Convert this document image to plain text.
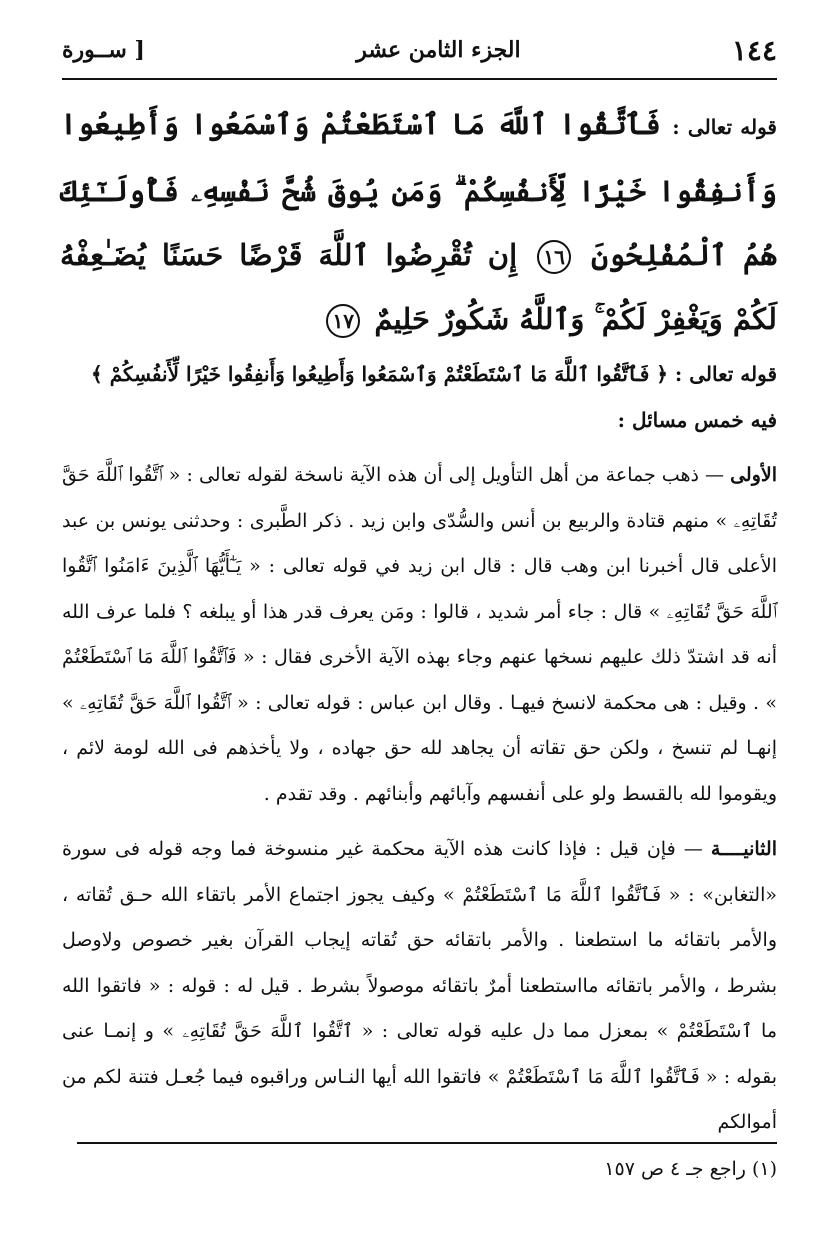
١٤٤
الجزء الثامن عشر
[ ســورة
قوله تعالى : فَٱتَّقُوا ٱللَّهَ مَا ٱسْتَطَعْتُمْ وَٱسْمَعُوا وَأَطِيعُوا وَأَنفِقُوا خَيْرًا لِّأَنفُسِكُمْ ۗ وَمَن يُوقَ شُحَّ نَفْسِهِۦ فَأُولَـٰٓئِكَ هُمُ ٱلْمُفْلِحُونَ ١٦ إِن تُقْرِضُوا ٱللَّهَ قَرْضًا حَسَنًا يُضَـٰعِفْهُ لَكُمْ وَيَغْفِرْ لَكُمْ ۚ وَٱللَّهُ شَكُورٌ حَلِيمٌ ١٧

قوله تعالى : ﴿ فَٱتَّقُوا ٱللَّهَ مَا ٱسْتَطَعْتُمْ وَٱسْمَعُوا وَأَطِيعُوا وَأَنفِقُوا خَيْرًا لِّأَنفُسِكُمْ ﴾

فيه خمس مسائل :

الأولى — ذهب جماعة من أهل التأويل إلى أن هذه الآية ناسخة لقوله تعالى : « ٱتَّقُوا ٱللَّهَ حَقَّ تُقَاتِهِۦ » منهم قتادة والربيع بن أنس والسُّدّى وابن زيد . ذكر الطَّبرى : وحدثنى يونس بن عبد الأعلى قال أخبرنا ابن وهب قال : قال ابن زيد في قوله تعالى : « يَـٰٓأَيُّهَا ٱلَّذِينَ ءَامَنُوا ٱتَّقُوا ٱللَّهَ حَقَّ تُقَاتِهِۦ » قال : جاء أمر شديد ، قالوا : ومَن يعرف قدر هذا أو يبلغه ؟ فلما عرف الله أنه قد اشتدّ ذلك عليهم نسخها عنهم وجاء بهذه الآية الأخرى فقال : « فَٱتَّقُوا ٱللَّهَ مَا ٱسْتَطَعْتُمْ » . وقيل : هى محكمة لانسخ فيهـا . وقال ابن عباس : قوله تعالى : « ٱتَّقُوا ٱللَّهَ حَقَّ تُقَاتِهِۦ » إنهـا لم تنسخ ، ولكن حق تقاته أن يجاهد لله حق جهاده ، ولا يأخذهم فى الله لومة لائم ، ويقوموا لله بالقسط ولو على أنفسهم وآبائهم وأبنائهم . وقد تقدم .

الثانيــــة — فإن قيل : فإذا كانت هذه الآية محكمة غير منسوخة فما وجه قوله فى سورة «التغابن» : « فَٱتَّقُوا ٱللَّهَ مَا ٱسْتَطَعْتُمْ » وكيف يجوز اجتماع الأمر باتقاء الله حـق تُقاته ، والأمر باتقائه ما استطعنا . والأمر باتقائه حق تُقاته إيجاب القرآن بغير خصوص ولاوصل بشرط ، والأمر باتقائه مااستطعنا أمرٌ باتقائه موصولاً بشرط . قيل له : قوله : « فاتقوا الله ما ٱسْتَطَعْتُمْ » بمعزل مما دل عليه قوله تعالى : « ٱتَّقُوا ٱللَّهَ حَقَّ تُقَاتِهِۦ » و إنمـا عنى بقوله : « فَٱتَّقُوا ٱللَّهَ مَا ٱسْتَطَعْتُمْ » فاتقوا الله أيها النـاس وراقبوه فيما جُعـل فتنة لكم من أموالكم

(١) راجع جـ ٤ ص ١٥٧
